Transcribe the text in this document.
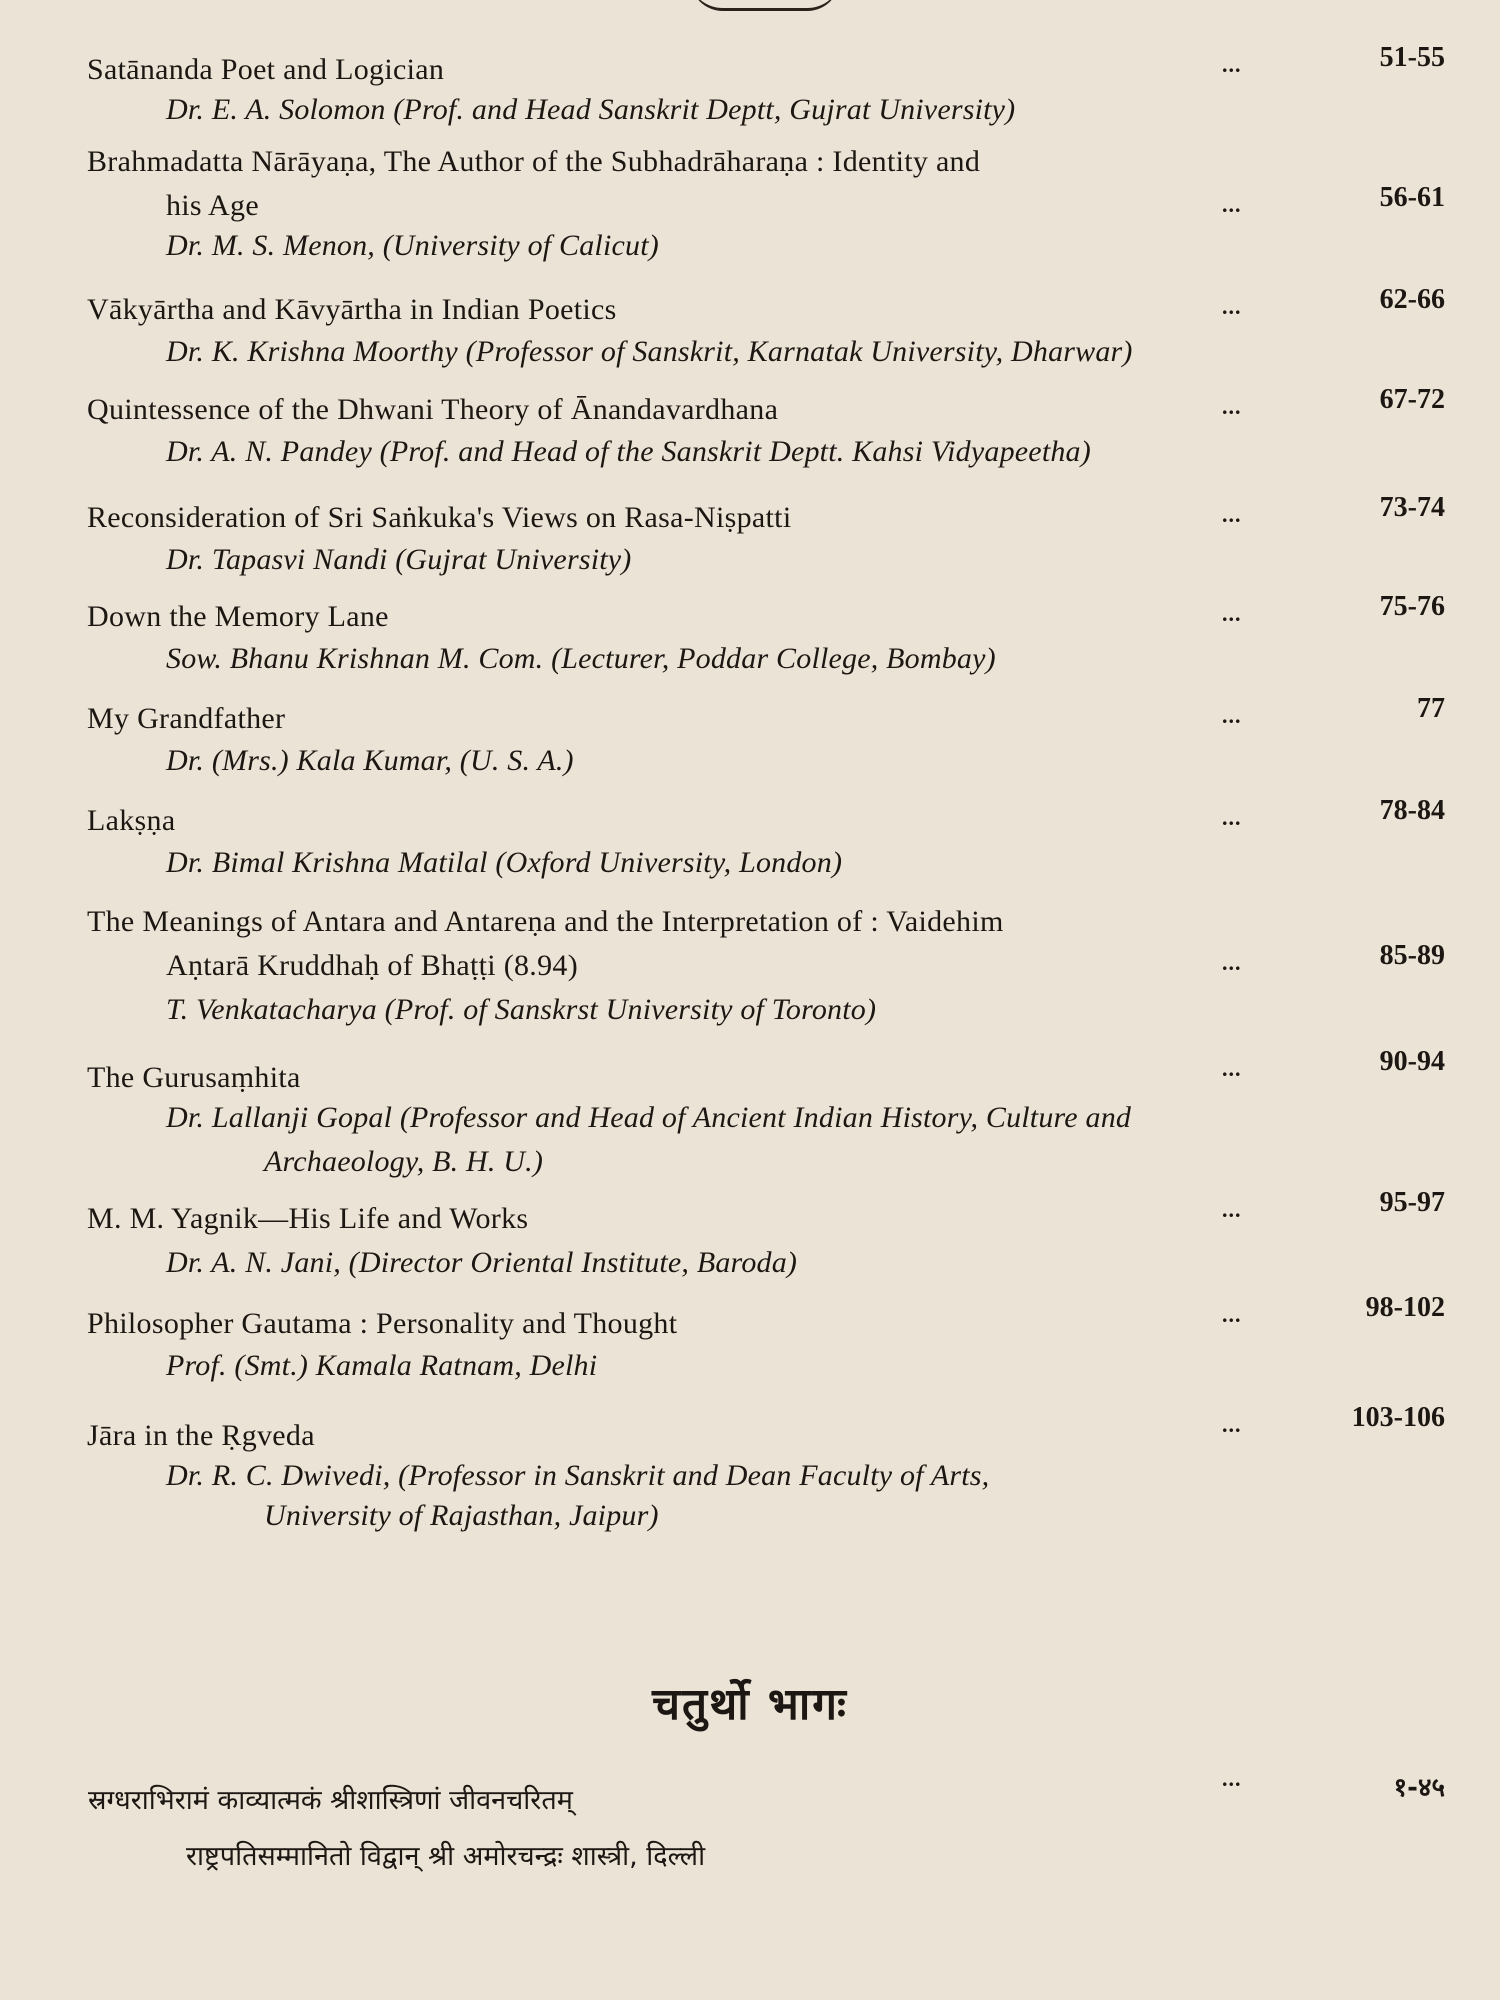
Satānanda Poet and Logician
Dr. E. A. Solomon (Prof. and Head Sanskrit Deptt, Gujrat University)
...	51-55
Brahmadatta Nārāyaṇa, The Author of the Subhadrāharaṇa : Identity and
his Age
Dr. M. S. Menon, (University of Calicut)
...	56-61
Vākyārtha and Kāvyārtha in Indian Poetics
Dr. K. Krishna Moorthy (Professor of Sanskrit, Karnatak University, Dharwar)
...	62-66
Quintessence of the Dhwani Theory of Ānandavardhana
Dr. A. N. Pandey (Prof. and Head of the Sanskrit Deptt. Kahsi Vidyapeetha)
...	67-72
Reconsideration of Sri Saṅkuka's Views on Rasa-Niṣpatti
Dr. Tapasvi Nandi (Gujrat University)
...	73-74
Down the Memory Lane
Sow. Bhanu Krishnan M. Com. (Lecturer, Poddar College, Bombay)
...	75-76
My Grandfather
Dr. (Mrs.) Kala Kumar, (U. S. A.)
...	77
Lakṣṇa
Dr. Bimal Krishna Matilal (Oxford University, London)
...	78-84
The Meanings of Antara and Antareṇa and the Interpretation of : Vaidehim
Aṇtarā Kruddhaḥ of Bhaṭṭi (8.94)
T. Venkatacharya (Prof. of Sanskrst University of Toronto)
...	85-89
The Gurusaṃhita
Dr. Lallanji Gopal (Professor and Head of Ancient Indian History, Culture and
Archaeology, B. H. U.)
...	90-94
M. M. Yagnik—His Life and Works
Dr. A. N. Jani, (Director Oriental Institute, Baroda)
...	95-97
Philosopher Gautama : Personality and Thought
Prof. (Smt.) Kamala Ratnam, Delhi
...	98-102
Jāra in the Ṛgveda
Dr. R. C. Dwivedi, (Professor in Sanskrit and Dean Faculty of Arts,
University of Rajasthan, Jaipur)
...	103-106
चतुर्थो भागः
स्रग्धराभिरामं काव्यात्मकं श्रीशास्त्रिणां जीवनचरितम्
राष्ट्रपतिसम्मानितो विद्वान् श्री अमोरचन्द्रः शास्त्री, दिल्ली
...	१-४५
